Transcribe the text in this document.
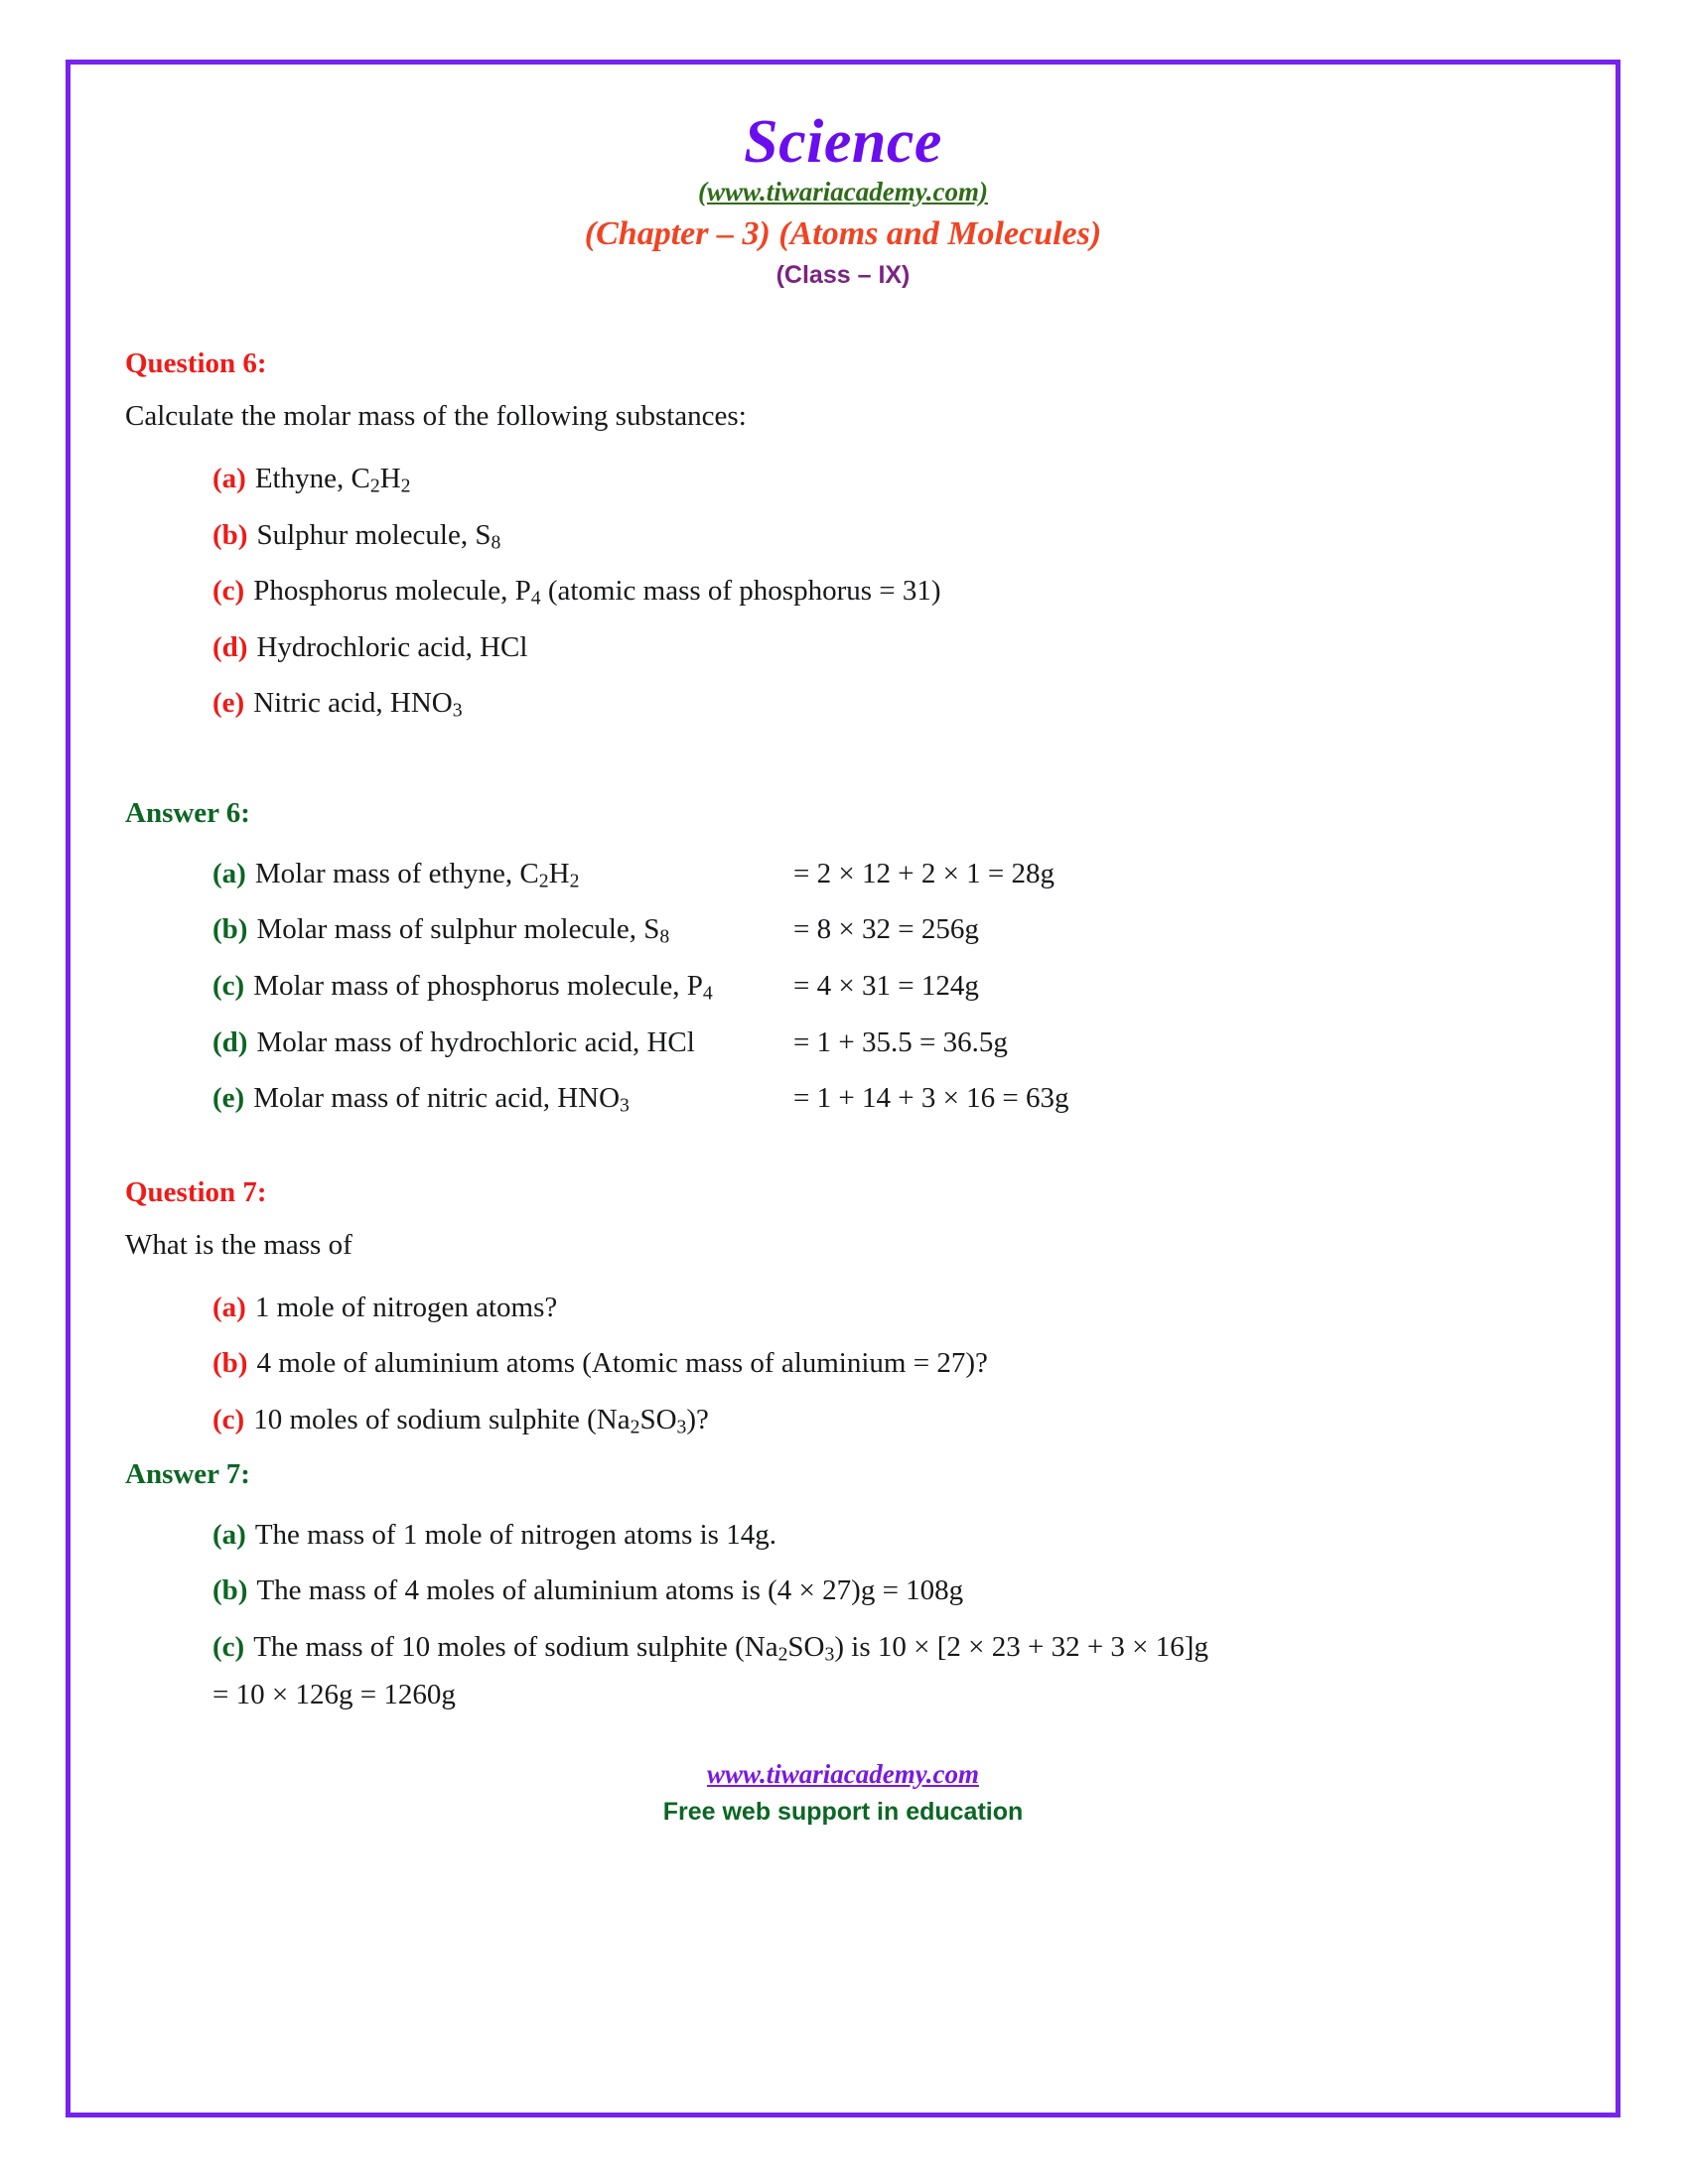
Science
(www.tiwariacademy.com)
(Chapter – 3) (Atoms and Molecules)
(Class – IX)
Question 6:
Calculate the molar mass of the following substances:
(a) Ethyne, $C_2H_2$
(b) Sulphur molecule, $S_8$
(c) Phosphorus molecule, $P_4$ (atomic mass of phosphorus = 31)
(d) Hydrochloric acid, HCl
(e) Nitric acid, $HNO_3$
Answer 6:
(a) Molar mass of ethyne, $C_2H_2$	= 2 × 12 + 2 × 1 = 28g
(b) Molar mass of sulphur molecule, $S_8$	= 8 × 32 = 256g
(c) Molar mass of phosphorus molecule, $P_4$	= 4 × 31 = 124g
(d) Molar mass of hydrochloric acid, HCl	= 1 + 35.5 = 36.5g
(e) Molar mass of nitric acid, $HNO_3$	= 1 + 14 + 3 × 16 = 63g
Question 7:
What is the mass of
(a) 1 mole of nitrogen atoms?
(b) 4 mole of aluminium atoms (Atomic mass of aluminium = 27)?
(c) 10 moles of sodium sulphite $(Na_2SO_3)$?
Answer 7:
(a) The mass of 1 mole of nitrogen atoms is 14g.
(b) The mass of 4 moles of aluminium atoms is (4 × 27)g = 108g
(c) The mass of 10 moles of sodium sulphite $(Na_2SO_3)$ is 10 × [2 × 23 + 32 + 3 × 16]g
= 10 × 126g = 1260g
www.tiwariacademy.com
Free web support in education
